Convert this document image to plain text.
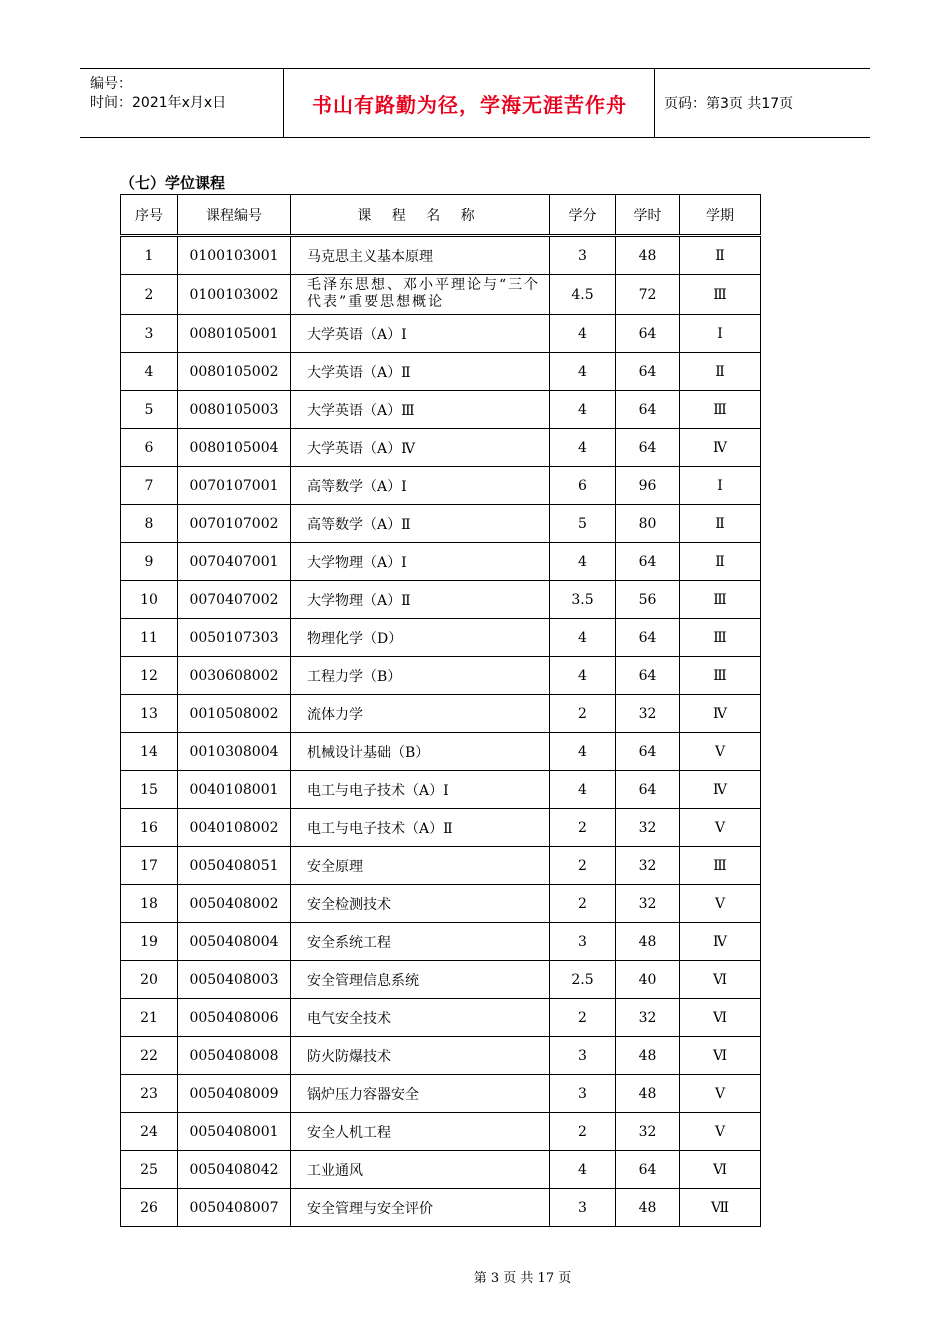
编号：
时间：2021年x月x日	书山有路勤为径，学海无涯苦作舟	页码：第3页 共17页
（七）学位课程
序号	课程编号	课 程 名 称	学分	学时	学期
1	0100103001	马克思主义基本原理	3	48	Ⅱ
2	0100103002	毛泽东思想、邓小平理论与“三个代表”重要思想概论	4.5	72	Ⅲ
3	0080105001	大学英语（A）Ⅰ	4	64	Ⅰ
4	0080105002	大学英语（A）Ⅱ	4	64	Ⅱ
5	0080105003	大学英语（A）Ⅲ	4	64	Ⅲ
6	0080105004	大学英语（A）Ⅳ	4	64	Ⅳ
7	0070107001	高等数学（A）Ⅰ	6	96	Ⅰ
8	0070107002	高等数学（A）Ⅱ	5	80	Ⅱ
9	0070407001	大学物理（A）Ⅰ	4	64	Ⅱ
10	0070407002	大学物理（A）Ⅱ	3.5	56	Ⅲ
11	0050107303	物理化学（D）	4	64	Ⅲ
12	0030608002	工程力学（B）	4	64	Ⅲ
13	0010508002	流体力学	2	32	Ⅳ
14	0010308004	机械设计基础（B）	4	64	Ⅴ
15	0040108001	电工与电子技术（A）Ⅰ	4	64	Ⅳ
16	0040108002	电工与电子技术（A）Ⅱ	2	32	Ⅴ
17	0050408051	安全原理	2	32	Ⅲ
18	0050408002	安全检测技术	2	32	Ⅴ
19	0050408004	安全系统工程	3	48	Ⅳ
20	0050408003	安全管理信息系统	2.5	40	Ⅵ
21	0050408006	电气安全技术	2	32	Ⅵ
22	0050408008	防火防爆技术	3	48	Ⅵ
23	0050408009	锅炉压力容器安全	3	48	Ⅴ
24	0050408001	安全人机工程	2	32	Ⅴ
25	0050408042	工业通风	4	64	Ⅵ
26	0050408007	安全管理与安全评价	3	48	Ⅶ
第 3 页 共 17 页
